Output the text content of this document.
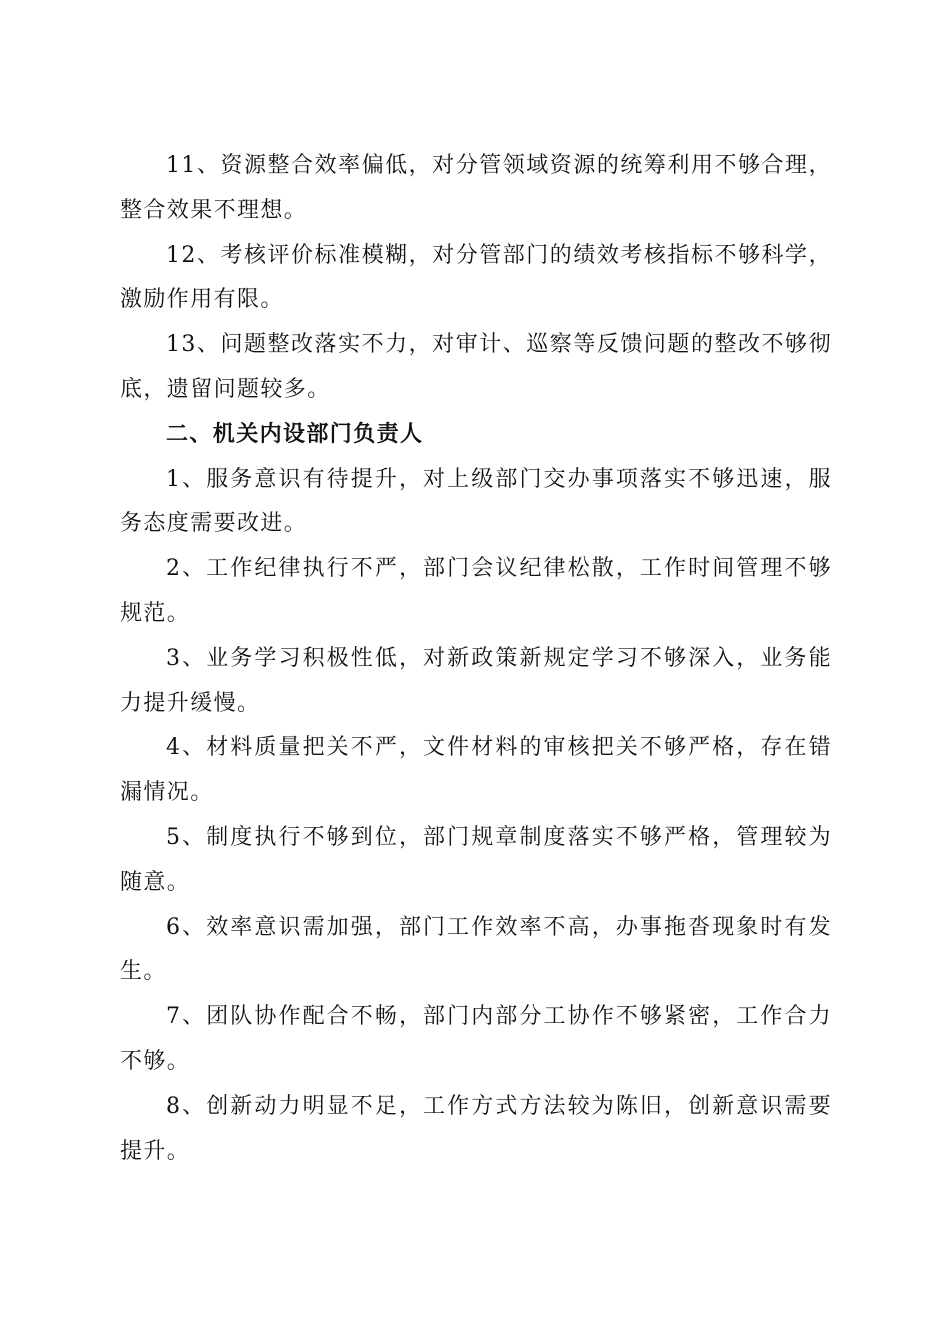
11、资源整合效率偏低，对分管领域资源的统筹利用不够合理，整合效果不理想。

12、考核评价标准模糊，对分管部门的绩效考核指标不够科学，激励作用有限。

13、问题整改落实不力，对审计、巡察等反馈问题的整改不够彻底，遗留问题较多。

二、机关内设部门负责人

1、服务意识有待提升，对上级部门交办事项落实不够迅速，服务态度需要改进。

2、工作纪律执行不严，部门会议纪律松散，工作时间管理不够规范。

3、业务学习积极性低，对新政策新规定学习不够深入，业务能力提升缓慢。

4、材料质量把关不严，文件材料的审核把关不够严格，存在错漏情况。

5、制度执行不够到位，部门规章制度落实不够严格，管理较为随意。

6、效率意识需加强，部门工作效率不高，办事拖沓现象时有发生。

7、团队协作配合不畅，部门内部分工协作不够紧密，工作合力不够。

8、创新动力明显不足，工作方式方法较为陈旧，创新意识需要提升。
